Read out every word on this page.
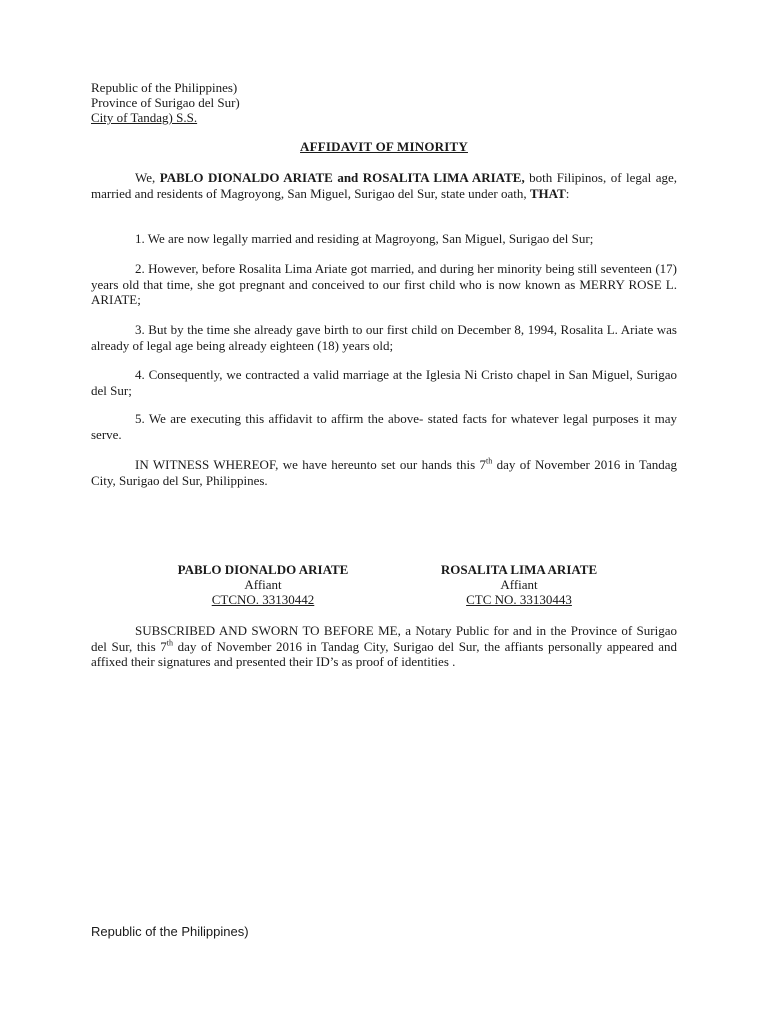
Republic of the Philippines)
Province of Surigao del Sur)
City of Tandag) S.S.
AFFIDAVIT OF MINORITY
We, PABLO DIONALDO ARIATE and ROSALITA LIMA ARIATE, both Filipinos, of legal age, married and residents of Magroyong, San Miguel, Surigao del Sur, state under oath, THAT:
1. We are now legally married and residing at Magroyong, San Miguel, Surigao del Sur;
2. However, before Rosalita Lima Ariate got married, and during her minority being still seventeen (17) years old that time, she got pregnant and conceived to our first child who is now known as MERRY ROSE L. ARIATE;
3. But by the time she already gave birth to our first child on December 8, 1994, Rosalita L. Ariate was already of legal age being already eighteen (18) years old;
4. Consequently, we contracted a valid marriage at the Iglesia Ni Cristo chapel in San Miguel, Surigao del Sur;
5. We are executing this affidavit to affirm the above- stated facts for whatever legal purposes it may serve.
IN WITNESS WHEREOF, we have hereunto set our hands this 7th day of November 2016 in Tandag City, Surigao del Sur, Philippines.
PABLO DIONALDO ARIATE
Affiant
CTCNO. 33130442
ROSALITA LIMA ARIATE
Affiant
CTC NO. 33130443
SUBSCRIBED AND SWORN TO BEFORE ME, a Notary Public for and in the Province of Surigao del Sur, this 7th day of November 2016 in Tandag City, Surigao del Sur, the affiants personally appeared and affixed their signatures and presented their ID’s as proof of identities .
Republic of the Philippines)
